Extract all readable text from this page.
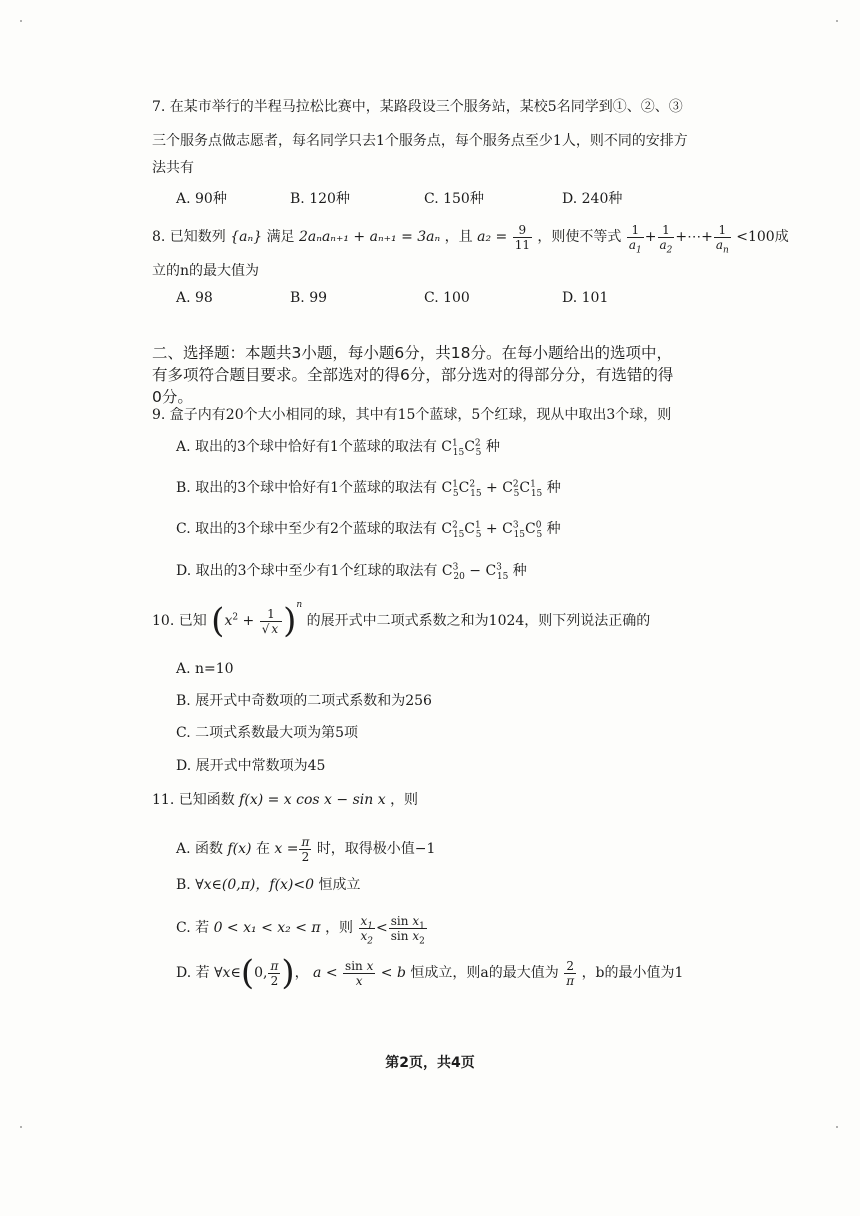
7. 在某市举行的半程马拉松比赛中，某路段设三个服务站，某校5名同学到①、②、③
三个服务点做志愿者，每名同学只去1个服务点，每个服务点至少1人，则不同的安排方
法共有
A. 90种	B. 120种	C. 150种	D. 240种
8. 已知数列 {aₙ} 满足 2aₙaₙ₊₁ + aₙ₊₁ = 3aₙ ，且 $a_2 = \frac{9}{11}$ ，则使不等式 $\frac{1}{a_1} + \frac{1}{a_2}$ +⋯+ $\frac{1}{a_n} <100$成
立的n的最大值为
A. 98	B. 99	C. 100	D. 101
二、选择题：本题共3小题，每小题6分，共18分。在每小题给出的选项中，
有多项符合题目要求。全部选对的得6分，部分选对的得部分分，有选错的得
0分。
9. 盒子内有20个大小相同的球，其中有15个蓝球，5个红球，现从中取出3个球，则
A. 取出的3个球中恰好有1个蓝球的取法有 $C^1_{15}C^2_5$ 种
B. 取出的3个球中恰好有1个蓝球的取法有 $C^1_5C^2_{15} + C^2_5C^1_{15}$ 种
C. 取出的3个球中至少有2个蓝球的取法有 $C^2_{15}C^1_5 + C^3_{15}C^0_5$ 种
D. 取出的3个球中至少有1个红球的取法有 $C^3_{20} - C^3_{15}$ 种
10. 已知 $(x^2 + \frac{1}{√ x} )^n$ 的展开式中二项式系数之和为1024，则下列说法正确的
A. n=10
B. 展开式中奇数项的二项式系数和为256
C. 二项式系数最大项为第5项
D. 展开式中常数项为45
11. 已知函数 f(x) = x cos x − sin x ，则
A. 函数 f(x) 在 $x = \frac{\pi}{2}$ 时，取得极小值−1
B. ∀x∈(0,π)，f(x)<0 恒成立
C. 若 0 < x₁ < x₂ < π ，则 $\frac{x_1}{x_2} < \frac{\sin x_1}{\sin x_2}$
D. 若 ∀x∈(0, $\frac{\pi}{2}$ )， $a < \frac{\text{sin x}}{x} < b$ 恒成立，则a的最大值为 $\frac{2}{\pi}$ ，b的最小值为1
第2页，共4页
